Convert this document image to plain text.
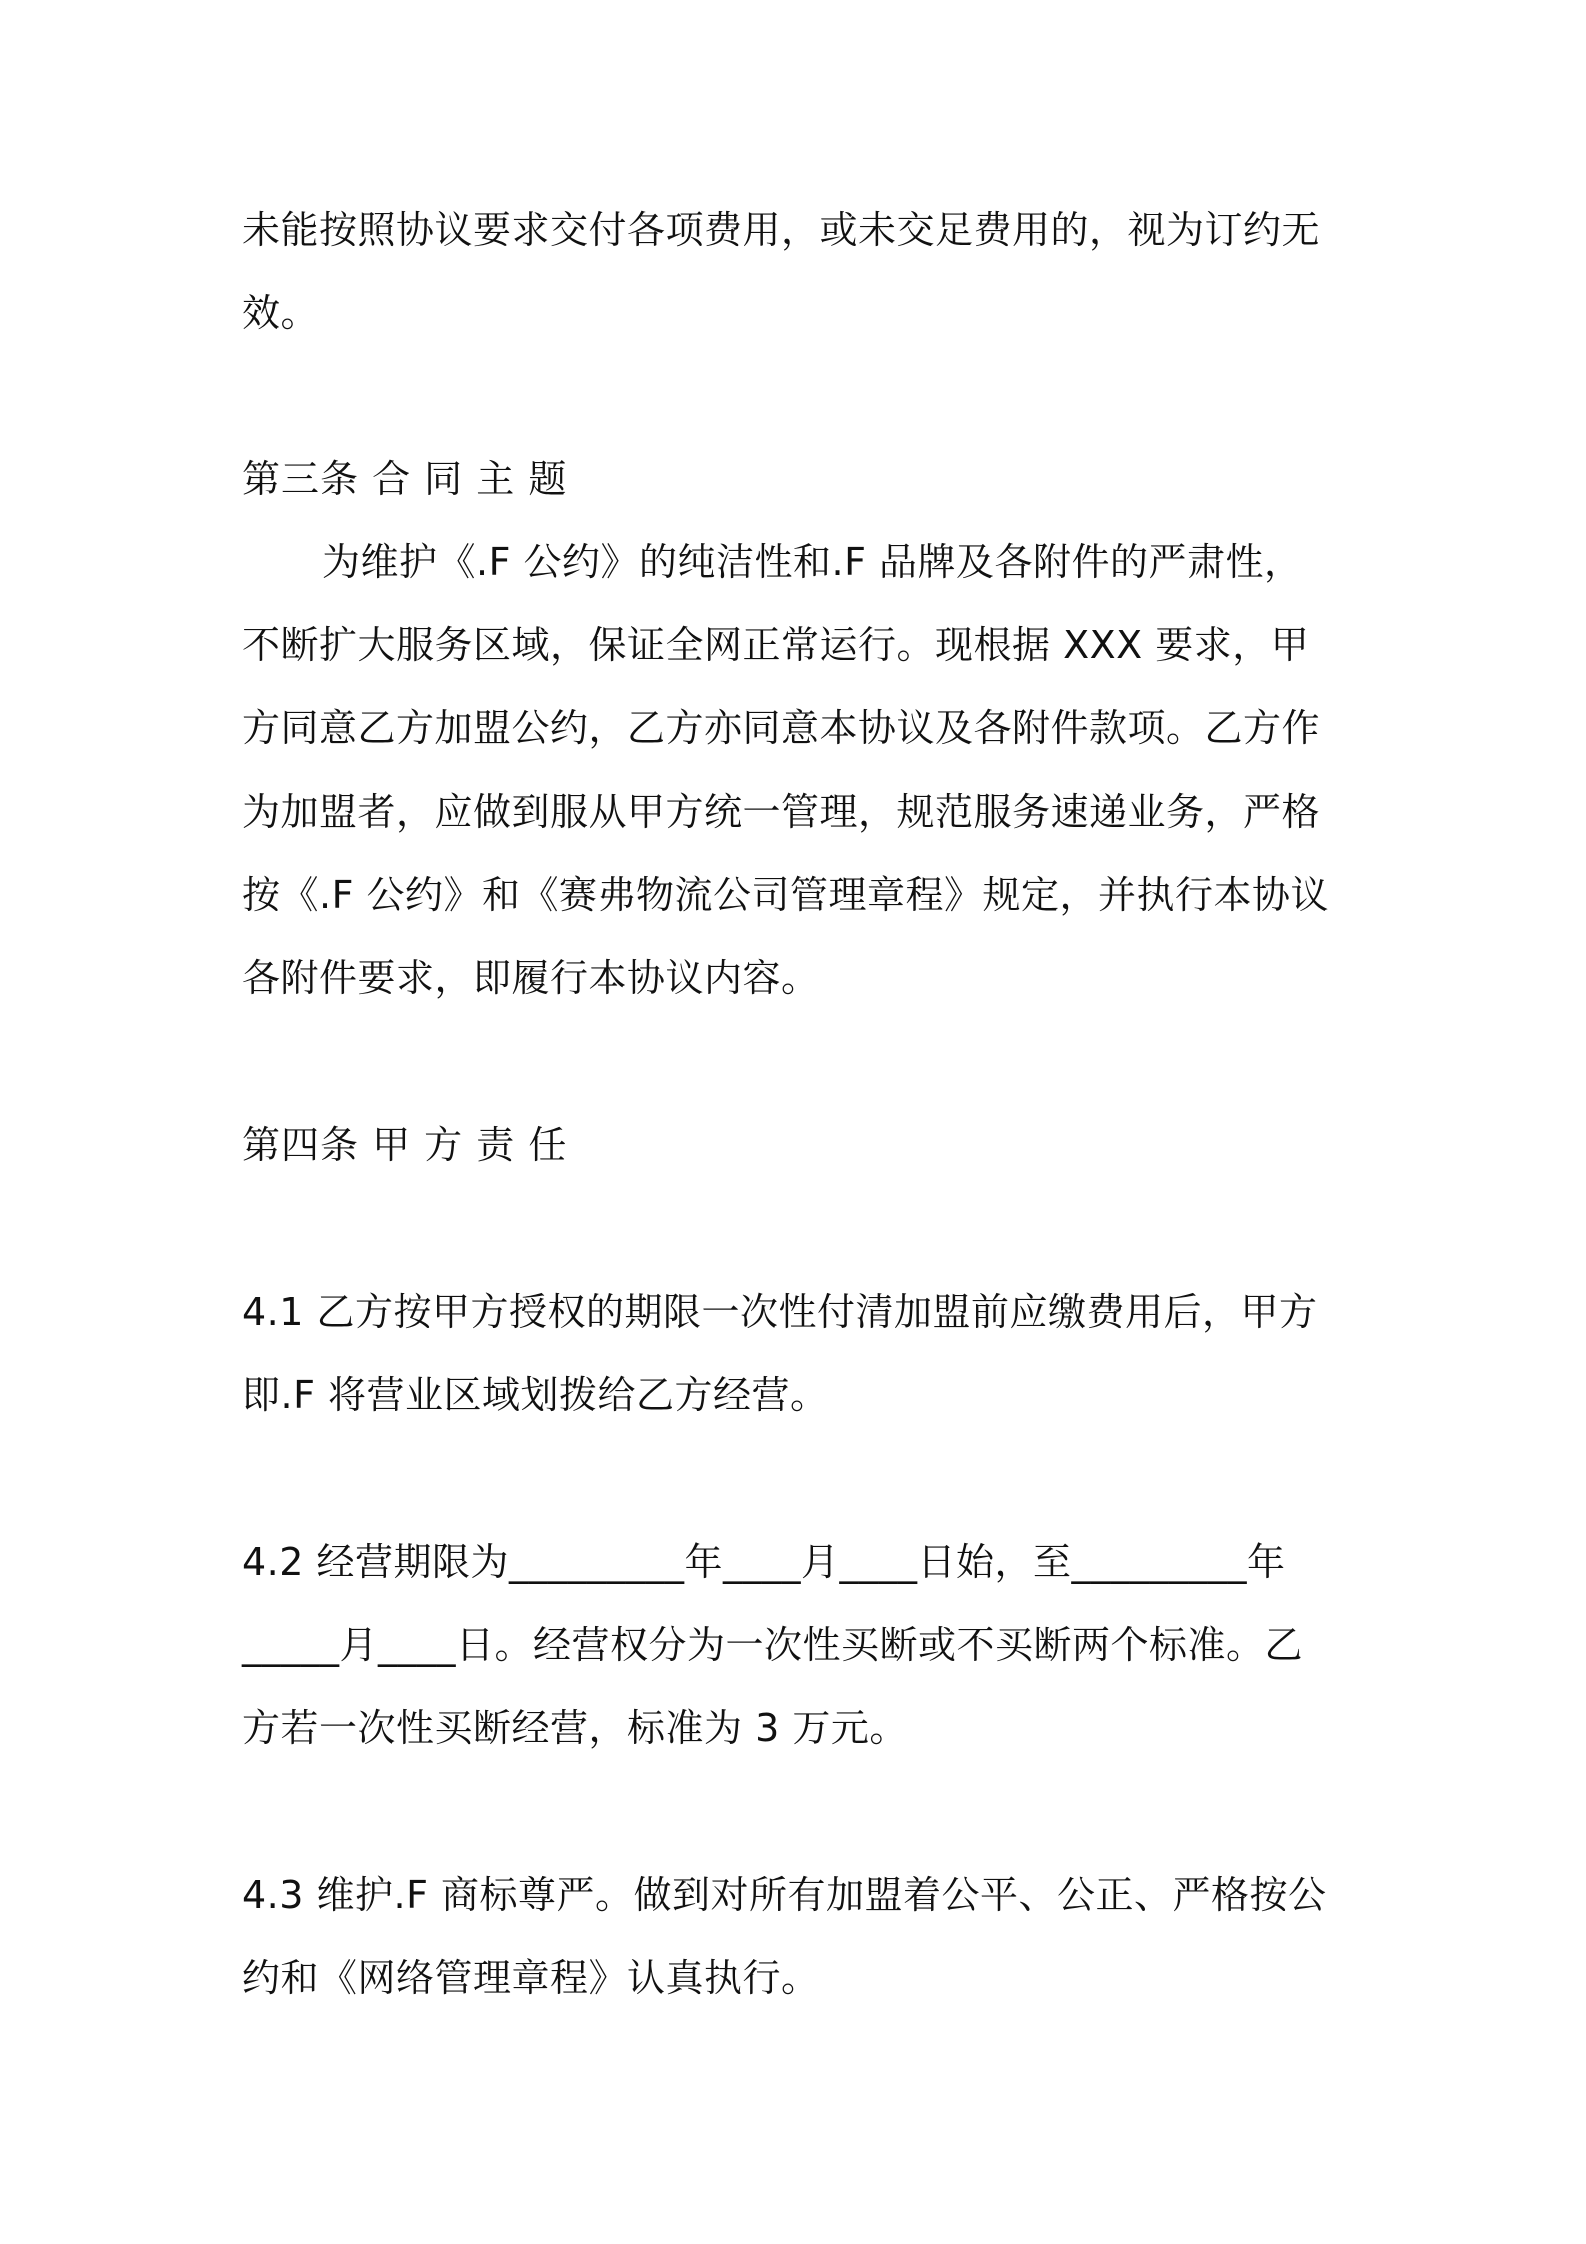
未能按照协议要求交付各项费用，或未交足费用的，视为订约无

效。

第三条 合 同 主 题

为维护《.F 公约》的纯洁性和.F 品牌及各附件的严肃性，

不断扩大服务区域，保证全网正常运行。现根据 XXX 要求，甲

方同意乙方加盟公约，乙方亦同意本协议及各附件款项。乙方作

为加盟者，应做到服从甲方统一管理，规范服务速递业务，严格

按《.F 公约》和《赛弗物流公司管理章程》规定，并执行本协议

各附件要求，即履行本协议内容。

第四条 甲 方 责 任

4.1 乙方按甲方授权的期限一次性付清加盟前应缴费用后，甲方

即.F 将营业区域划拨给乙方经营。

4.2 经营期限为_________年____月____日始，至_________年

_____月____日。经营权分为一次性买断或不买断两个标准。乙

方若一次性买断经营，标准为 3 万元。

4.3 维护.F 商标尊严。做到对所有加盟着公平、公正、严格按公

约和《网络管理章程》认真执行。
